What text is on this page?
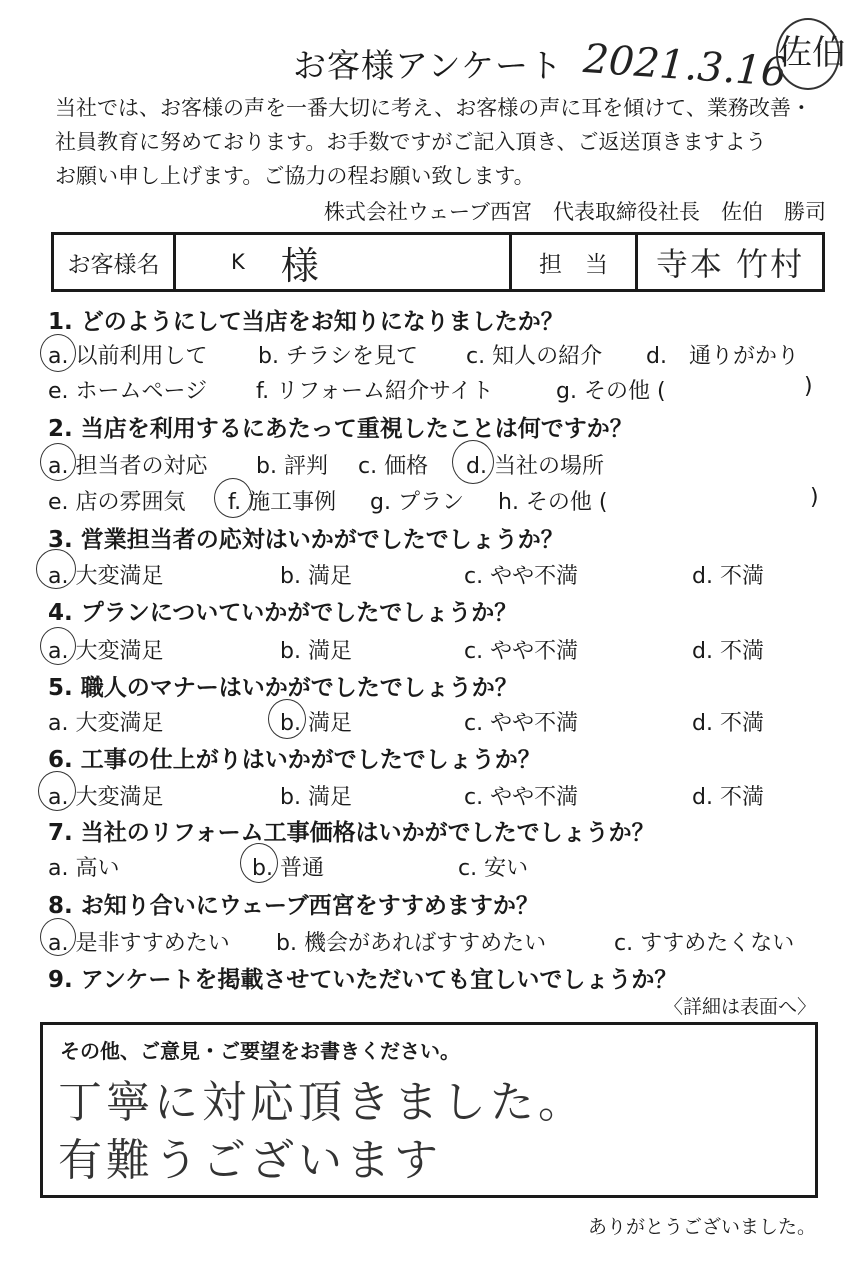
お客様アンケート 2021.3.16
佐伯
当社では、お客様の声を一番大切に考え、お客様の声に耳を傾けて、業務改善・
社員教育に努めております。お手数ですがご記入頂き、ご返送頂きますよう
お願い申し上げます。ご協力の程お願い致します。
株式会社ウェーブ西宮　代表取締役社長　佐伯　勝司
お客様名	K 様	担　当	寺本 竹村
1. どのようにして当店をお知りになりましたか？
a. 以前利用して b. チラシを見て c. 知人の紹介 d.　通りがかり
e. ホームページ f. リフォーム紹介サイト	g. その他 (	)
2. 当店を利用するにあたって重視したことは何ですか？
a. 担当者の対応 b. 評判 c. 価格 d. 当社の場所
e. 店の雰囲気 f. 施工事例 g. プラン h. その他 (	)
3. 営業担当者の応対はいかがでしたでしょうか？
a. 大変満足	b. 満足	c. やや不満	d. 不満
4. プランについていかがでしたでしょうか？
a. 大変満足	b. 満足	c. やや不満	d. 不満
5. 職人のマナーはいかがでしたでしょうか？
a. 大変満足	b. 満足	c. やや不満	d. 不満
6. 工事の仕上がりはいかがでしたでしょうか？
a. 大変満足	b. 満足	c. やや不満	d. 不満
7. 当社のリフォーム工事価格はいかがでしたでしょうか？
a. 高い	b. 普通	c. 安い
8. お知り合いにウェーブ西宮をすすめますか？
a. 是非すすめたい b. 機会があればすすめたい	c. すすめたくない
9. アンケートを掲載させていただいても宜しいでしょうか？
〈詳細は表面へ〉
その他、ご意見・ご要望をお書きください。
丁寧に対応頂きました。
有難うございます
ありがとうございました。
